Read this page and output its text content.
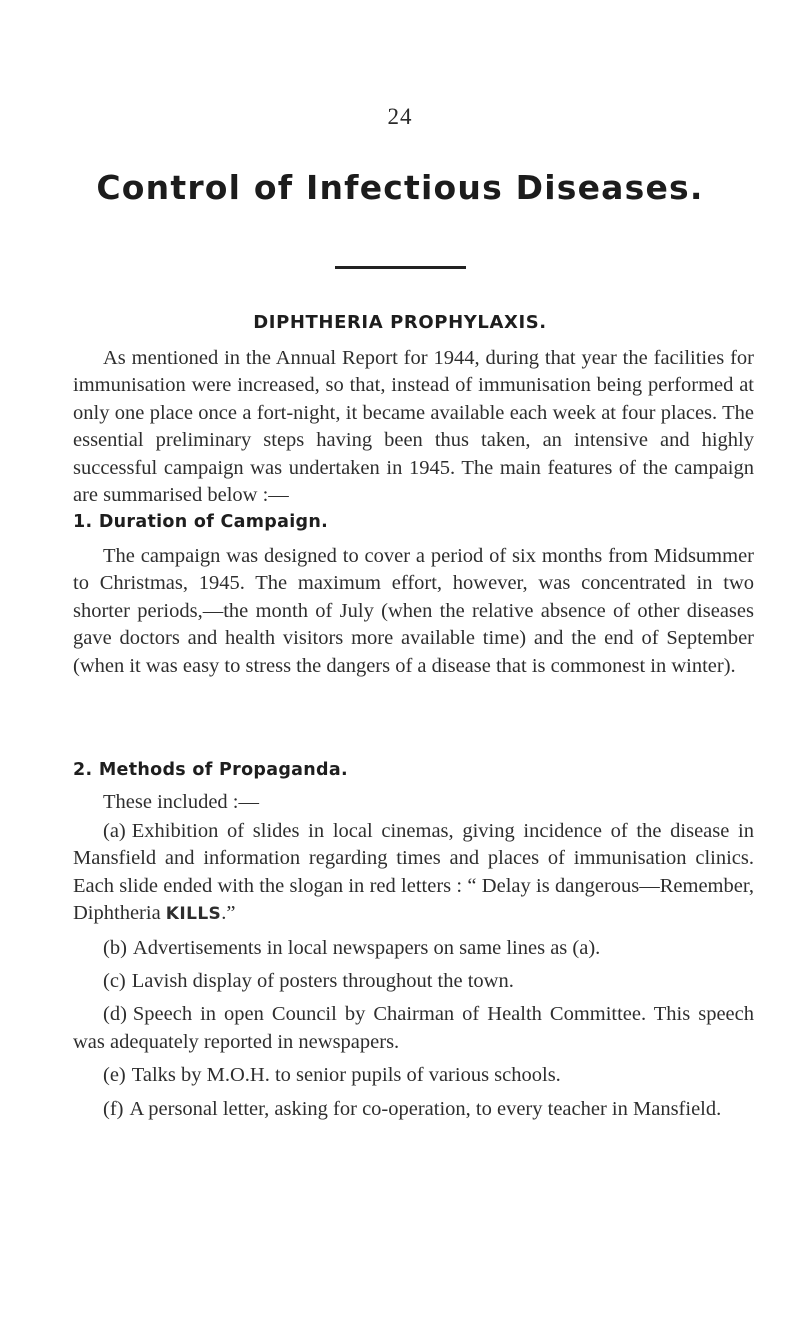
24
Control of Infectious Diseases.
DIPHTHERIA PROPHYLAXIS.

As mentioned in the Annual Report for 1944, during that year the facilities for immunisation were increased, so that, instead of immunisation being performed at only one place once a fort-night, it became available each week at four places. The essential preliminary steps having been thus taken, an intensive and highly successful campaign was undertaken in 1945. The main features of the campaign are summarised below :—

1. Duration of Campaign.

The campaign was designed to cover a period of six months from Midsummer to Christmas, 1945. The maximum effort, however, was concentrated in two shorter periods,—the month of July (when the relative absence of other diseases gave doctors and health visitors more available time) and the end of September (when it was easy to stress the dangers of a disease that is commonest in winter).

2. Methods of Propaganda.

These included :—

(a) Exhibition of slides in local cinemas, giving incidence of the disease in Mansfield and information regarding times and places of immunisation clinics. Each slide ended with the slogan in red letters : “ Delay is dangerous—Remember, Diphtheria KILLS.”
(b) Advertisements in local newspapers on same lines as (a).
(c) Lavish display of posters throughout the town.
(d) Speech in open Council by Chairman of Health Committee. This speech was adequately reported in newspapers.
(e) Talks by M.O.H. to senior pupils of various schools.
(f) A personal letter, asking for co-operation, to every teacher in Mansfield.
